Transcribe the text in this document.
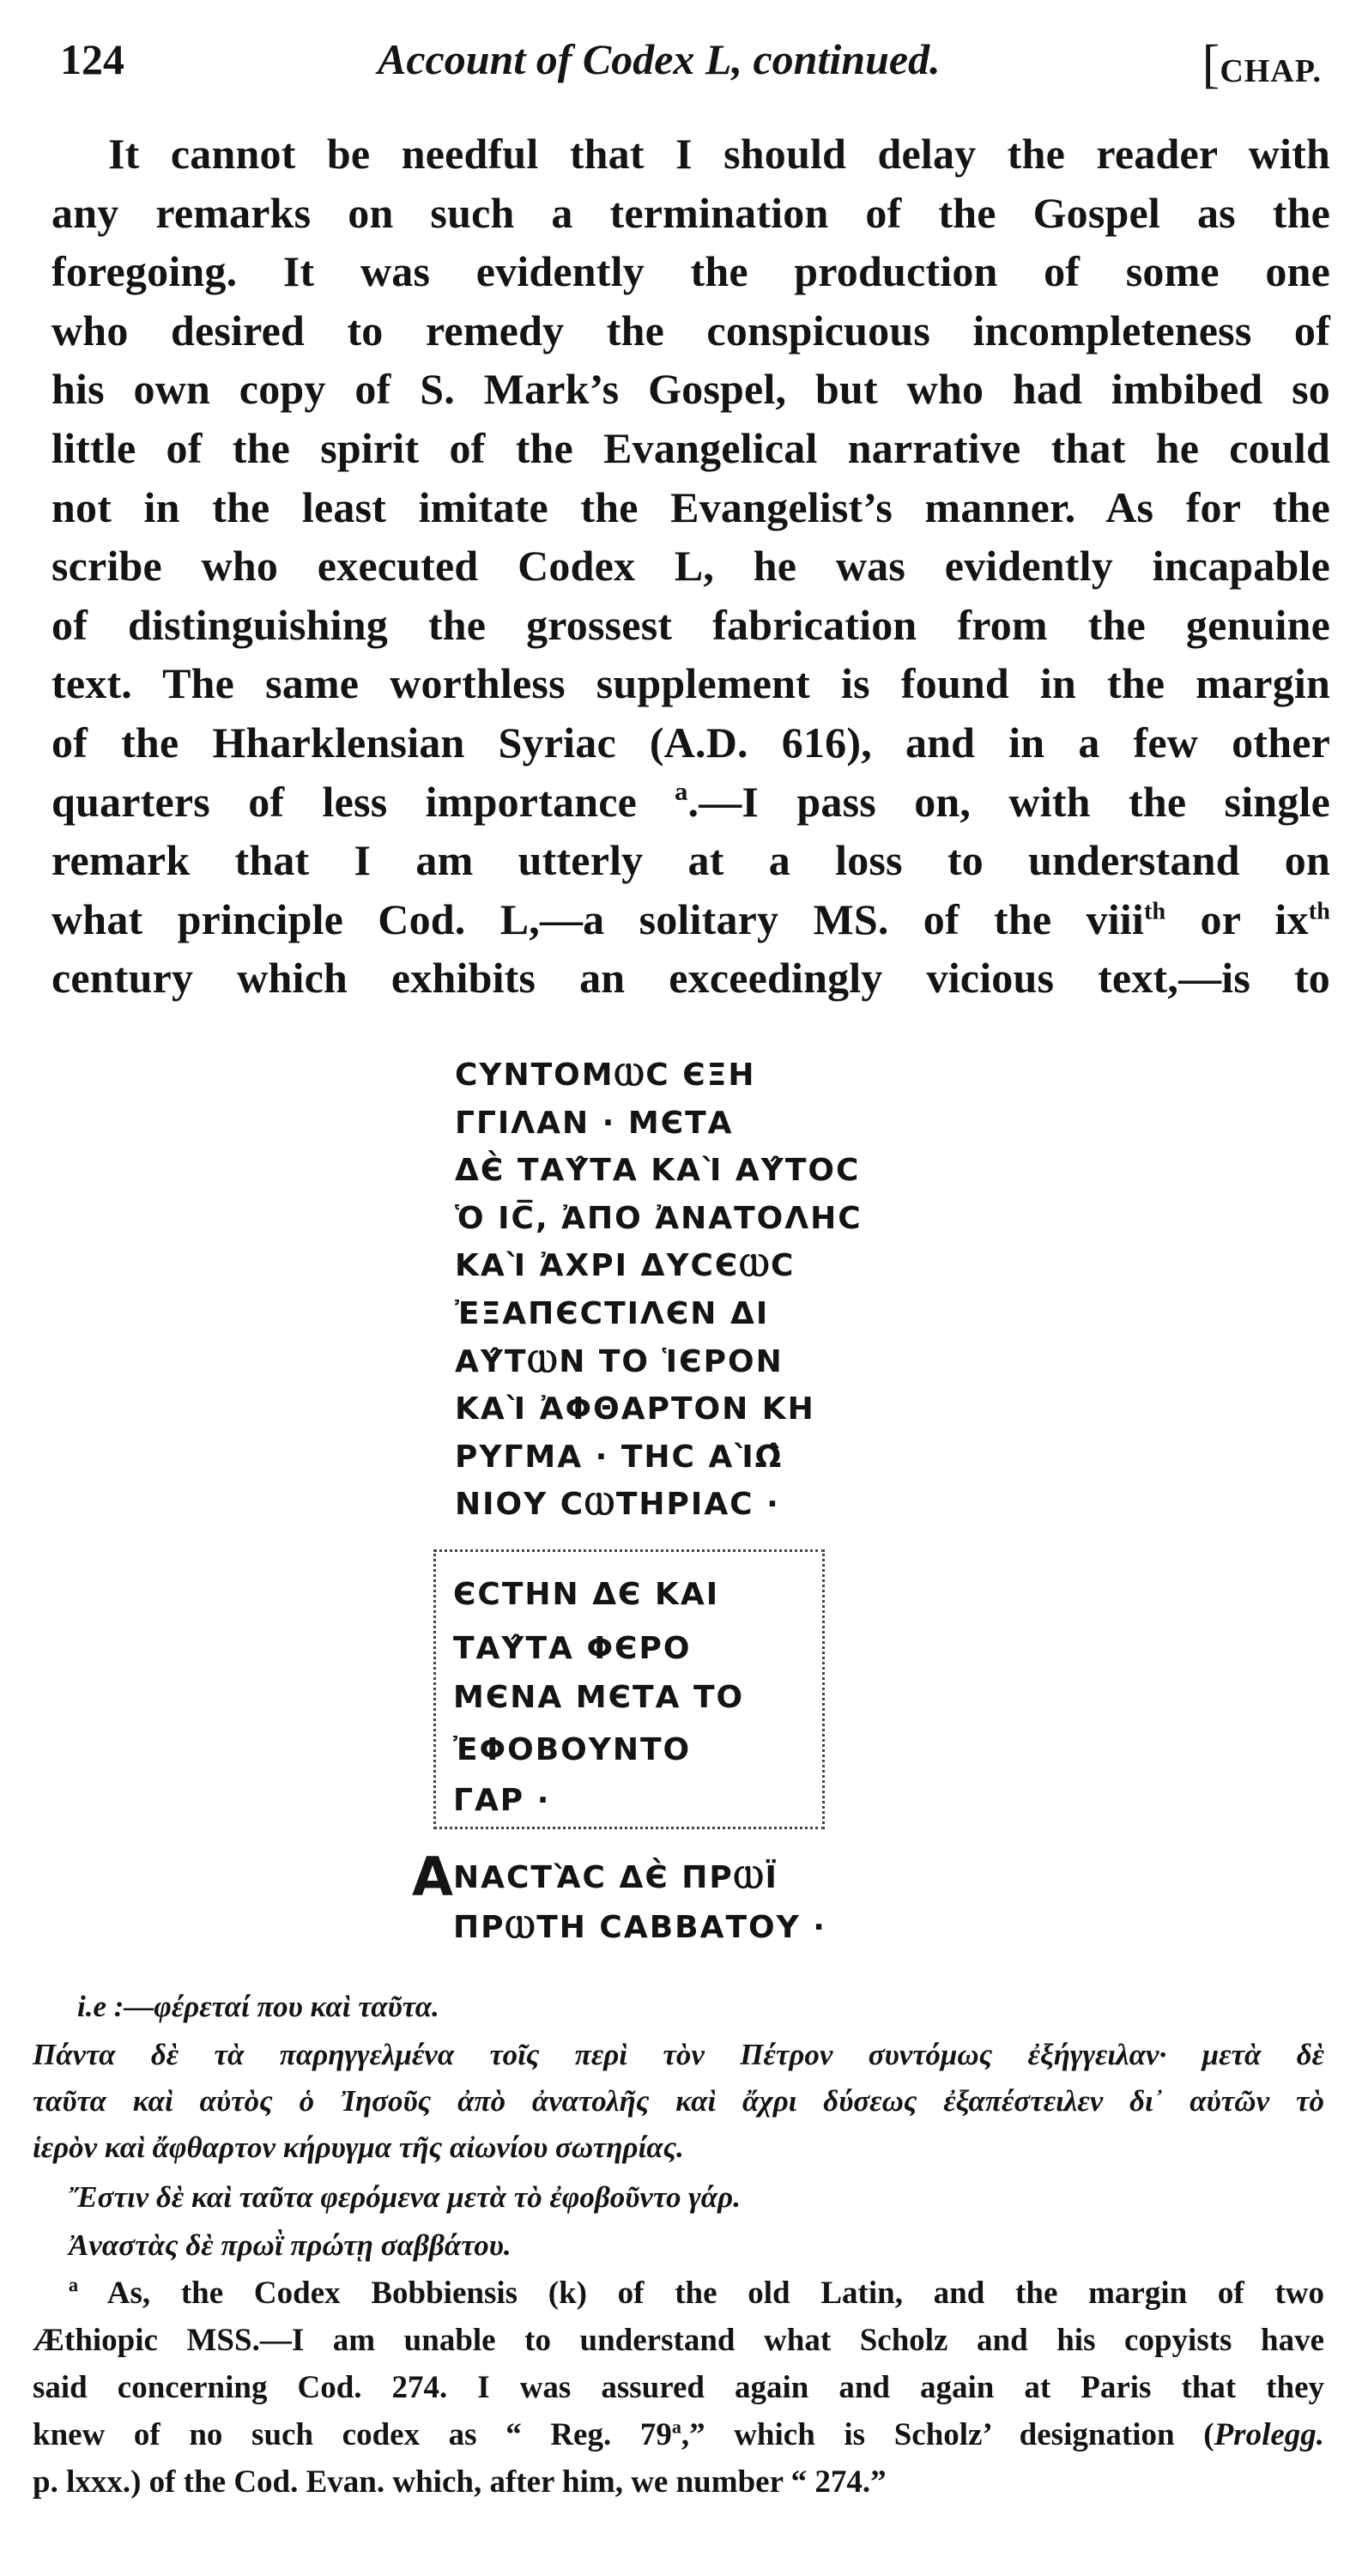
124	Account of Codex L, continued.	[CHAP.
It cannot be needful that I should delay the reader with
any remarks on such a termination of the Gospel as the
foregoing. It was evidently the production of some one
who desired to remedy the conspicuous incompleteness of
his own copy of S. Mark’s Gospel, but who had imbibed so
little of the spirit of the Evangelical narrative that he could
not in the least imitate the Evangelist’s manner. As for the
scribe who executed Codex L, he was evidently incapable
of distinguishing the grossest fabrication from the genuine
text. The same worthless supplement is found in the margin
of the Hharklensian Syriac (A.D. 616), and in a few other
quarters of less importance ª.—I pass on, with the single
remark that I am utterly at a loss to understand on
what principle Cod. L,—a solitary MS. of the viii$^{th}$ or $ix^{th}$
century which exhibits an exceedingly vicious text,—is to
CΥΝΤΟΜⲰC ЄΞΗ
ΓΓΙΛΑΝ · ΜЄΤΑ
ΔЄ̀ ΤΑΥ̂ΤΑ ΚΑῚ ΑΥ̂ΤΟC
Ὁ ΙC̅, ἈΠΟ ἈΝΑΤΟΛΗC
ΚΑῚ ἈΧΡΙ ΔΥCЄⲰC
ἘΞΑΠЄCΤΙΛЄΝ ΔΙ
ΑΥ̂ΤⲰΝ ΤΟ ἹЄΡΟΝ
ΚΑῚ ἈΦΘΑΡΤΟΝ ΚΗ
ΡΥΓΜΑ · ΤΗC ΑῚΩ̂
ΝΙΟΥ CⲰΤΗΡΙΑC ·
ЄCΤΗΝ ΔЄ ΚΑΙ
ΤΑΥ̂ΤΑ ΦЄΡΟ
ΜЄΝΑ ΜЄΤΑ ΤΟ
ἘΦΟΒΟΥΝΤΟ
ΓΑΡ ·
A ΝΑCΤᾺC ΔЄ̀ ΠΡⲰΪ
ΠΡⲰΤΗ CΑΒΒΑΤΟΥ ·
i.e :—φέρεταί που καὶ ταῦτα.
Πάντα δὲ τὰ παρηγγελμένα τοῖς περὶ τὸν Πέτρον συντόμως ἐξήγγειλαν· μετὰ δὲ
ταῦτα καὶ αὐτὸς ὁ Ἰησοῦς ἀπὸ ἀνατολῆς καὶ ἄχρι δύσεως ἐξαπέστειλεν δι᾽ αὐτῶν τὸ
ἱερὸν καὶ ἄφθαρτον κήρυγμα τῆς αἰωνίου σωτηρίας.
Ἔστιν δὲ καὶ ταῦτα φερόμενα μετὰ τὸ ἐφοβοῦντο γάρ.
Ἀναστὰς δὲ πρωῒ πρώτῃ σαββάτου.
ª As, the Codex Bobbiensis (k) of the old Latin, and the margin of two
Æthiopic MSS.—I am unable to understand what Scholz and his copyists have
said concerning Cod. 274. I was assured again and again at Paris that they
knew of no such codex as “ Reg. 79$^a$,” which is Scholz’ designation (Prolegg.
p. lxxx.) of the Cod. Evan. which, after him, we number “ 274.”
